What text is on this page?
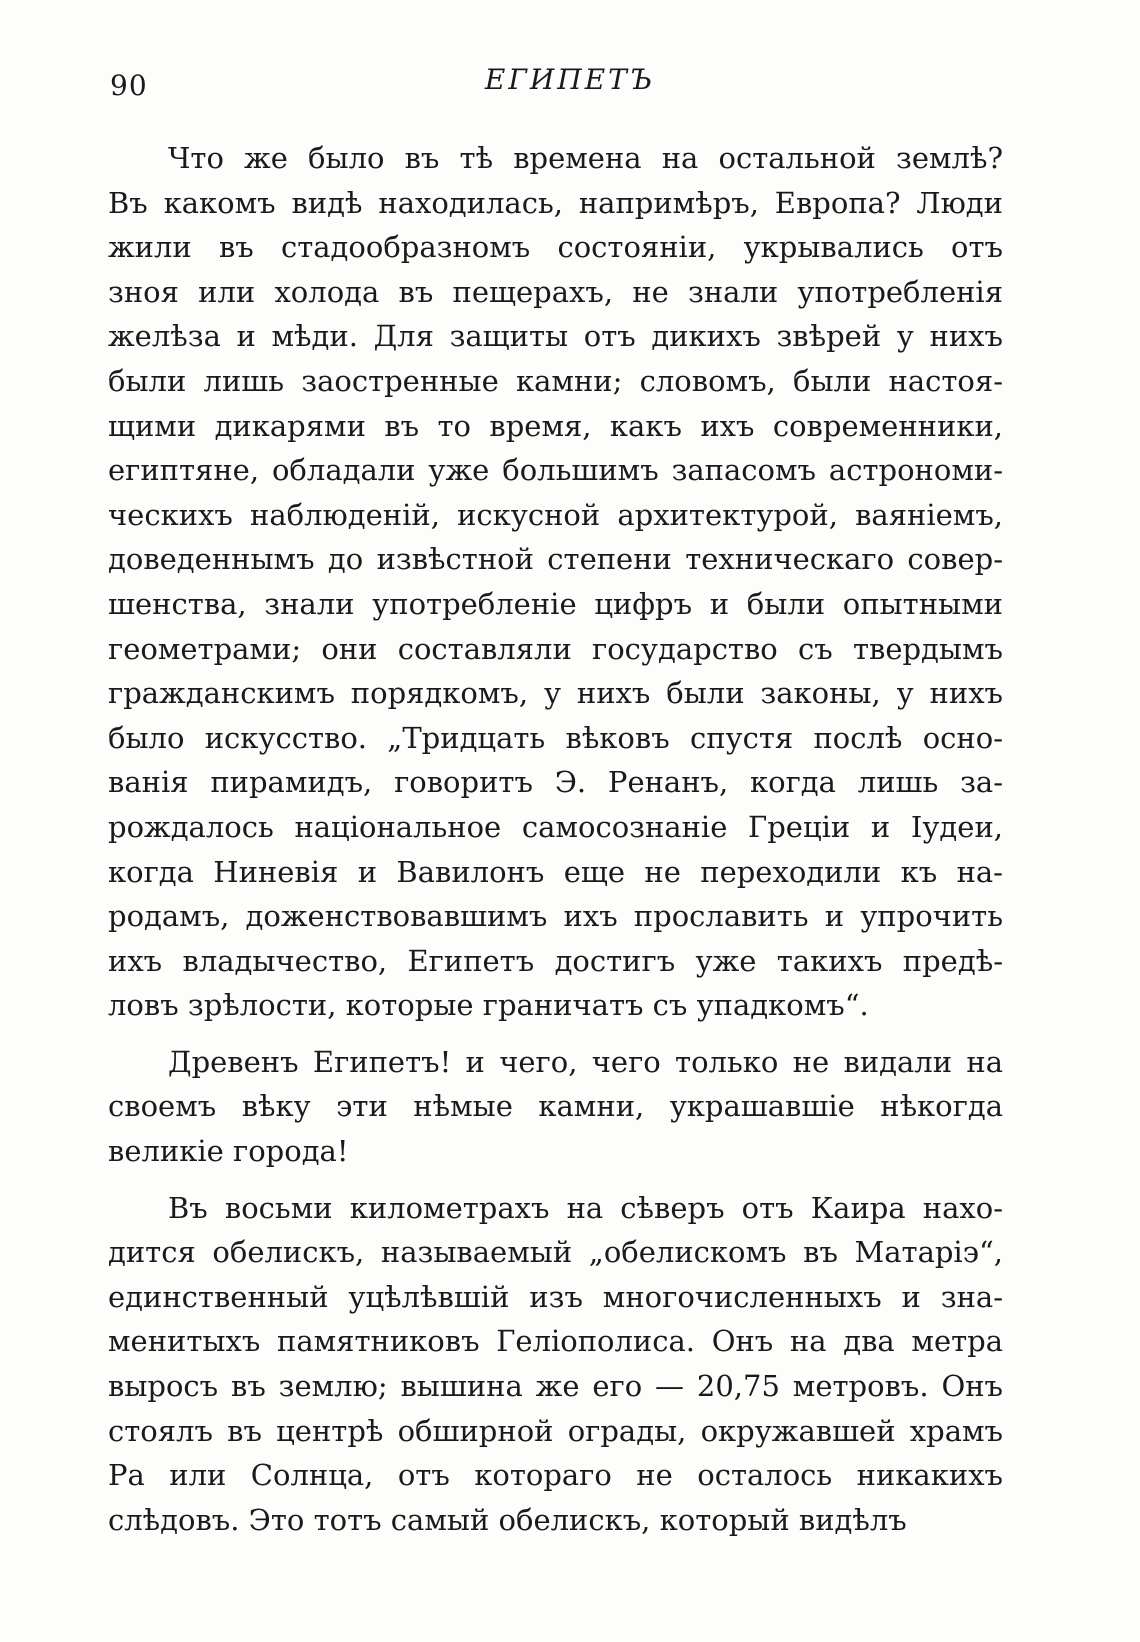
90	ЕГИПЕТЪ
Что же было въ тѣ времена на остальной землѣ?
Въ какомъ видѣ находилась, напримѣръ, Европа? Люди
жили въ стадообразномъ состоянiи, укрывались отъ
зноя или холода въ пещерахъ, не знали употребленiя
желѣза и мѣди. Для защиты отъ дикихъ звѣрей у нихъ
были лишь заостренные камни; словомъ, были настоя-
щими дикарями въ то время, какъ ихъ современники,
египтяне, обладали уже большимъ запасомъ астрономи-
ческихъ наблюденiй, искусной архитектурой, ваянiемъ,
доведеннымъ до извѣстной степени техническаго совер-
шенства, знали употребленiе цифръ и были опытными
геометрами; они составляли государство съ твердымъ
гражданскимъ порядкомъ, у нихъ были законы, у нихъ
было искусство. „Тридцать вѣковъ спустя послѣ осно-
ванiя пирамидъ, говоритъ Э. Ренанъ, когда лишь за-
рождалось нацiональное самосознанiе Грецiи и Iудеи,
когда Ниневiя и Вавилонъ еще не переходили къ на-
родамъ, доженствовавшимъ ихъ прославить и упрочить
ихъ владычество, Египетъ достигъ уже такихъ предѣ-
ловъ зрѣлости, которые граничатъ съ упадкомъ“.
Древенъ Египетъ! и чего, чего только не видали на
своемъ вѣку эти нѣмые камни, украшавшiе нѣкогда
великiе города!
Въ восьми километрахъ на сѣверъ отъ Каира нахо-
дится обелискъ, называемый „обелискомъ въ Матарiэ“,
единственный уцѣлѣвшiй изъ многочисленныхъ и зна-
менитыхъ памятниковъ Гелiополиса. Онъ на два метра
выросъ въ землю; вышина же его — 20,75 метровъ. Онъ
стоялъ въ центрѣ обширной ограды, окружавшей храмъ
Ра или Солнца, отъ котораго не осталось никакихъ
слѣдовъ. Это тотъ самый обелискъ, который видѣлъ
